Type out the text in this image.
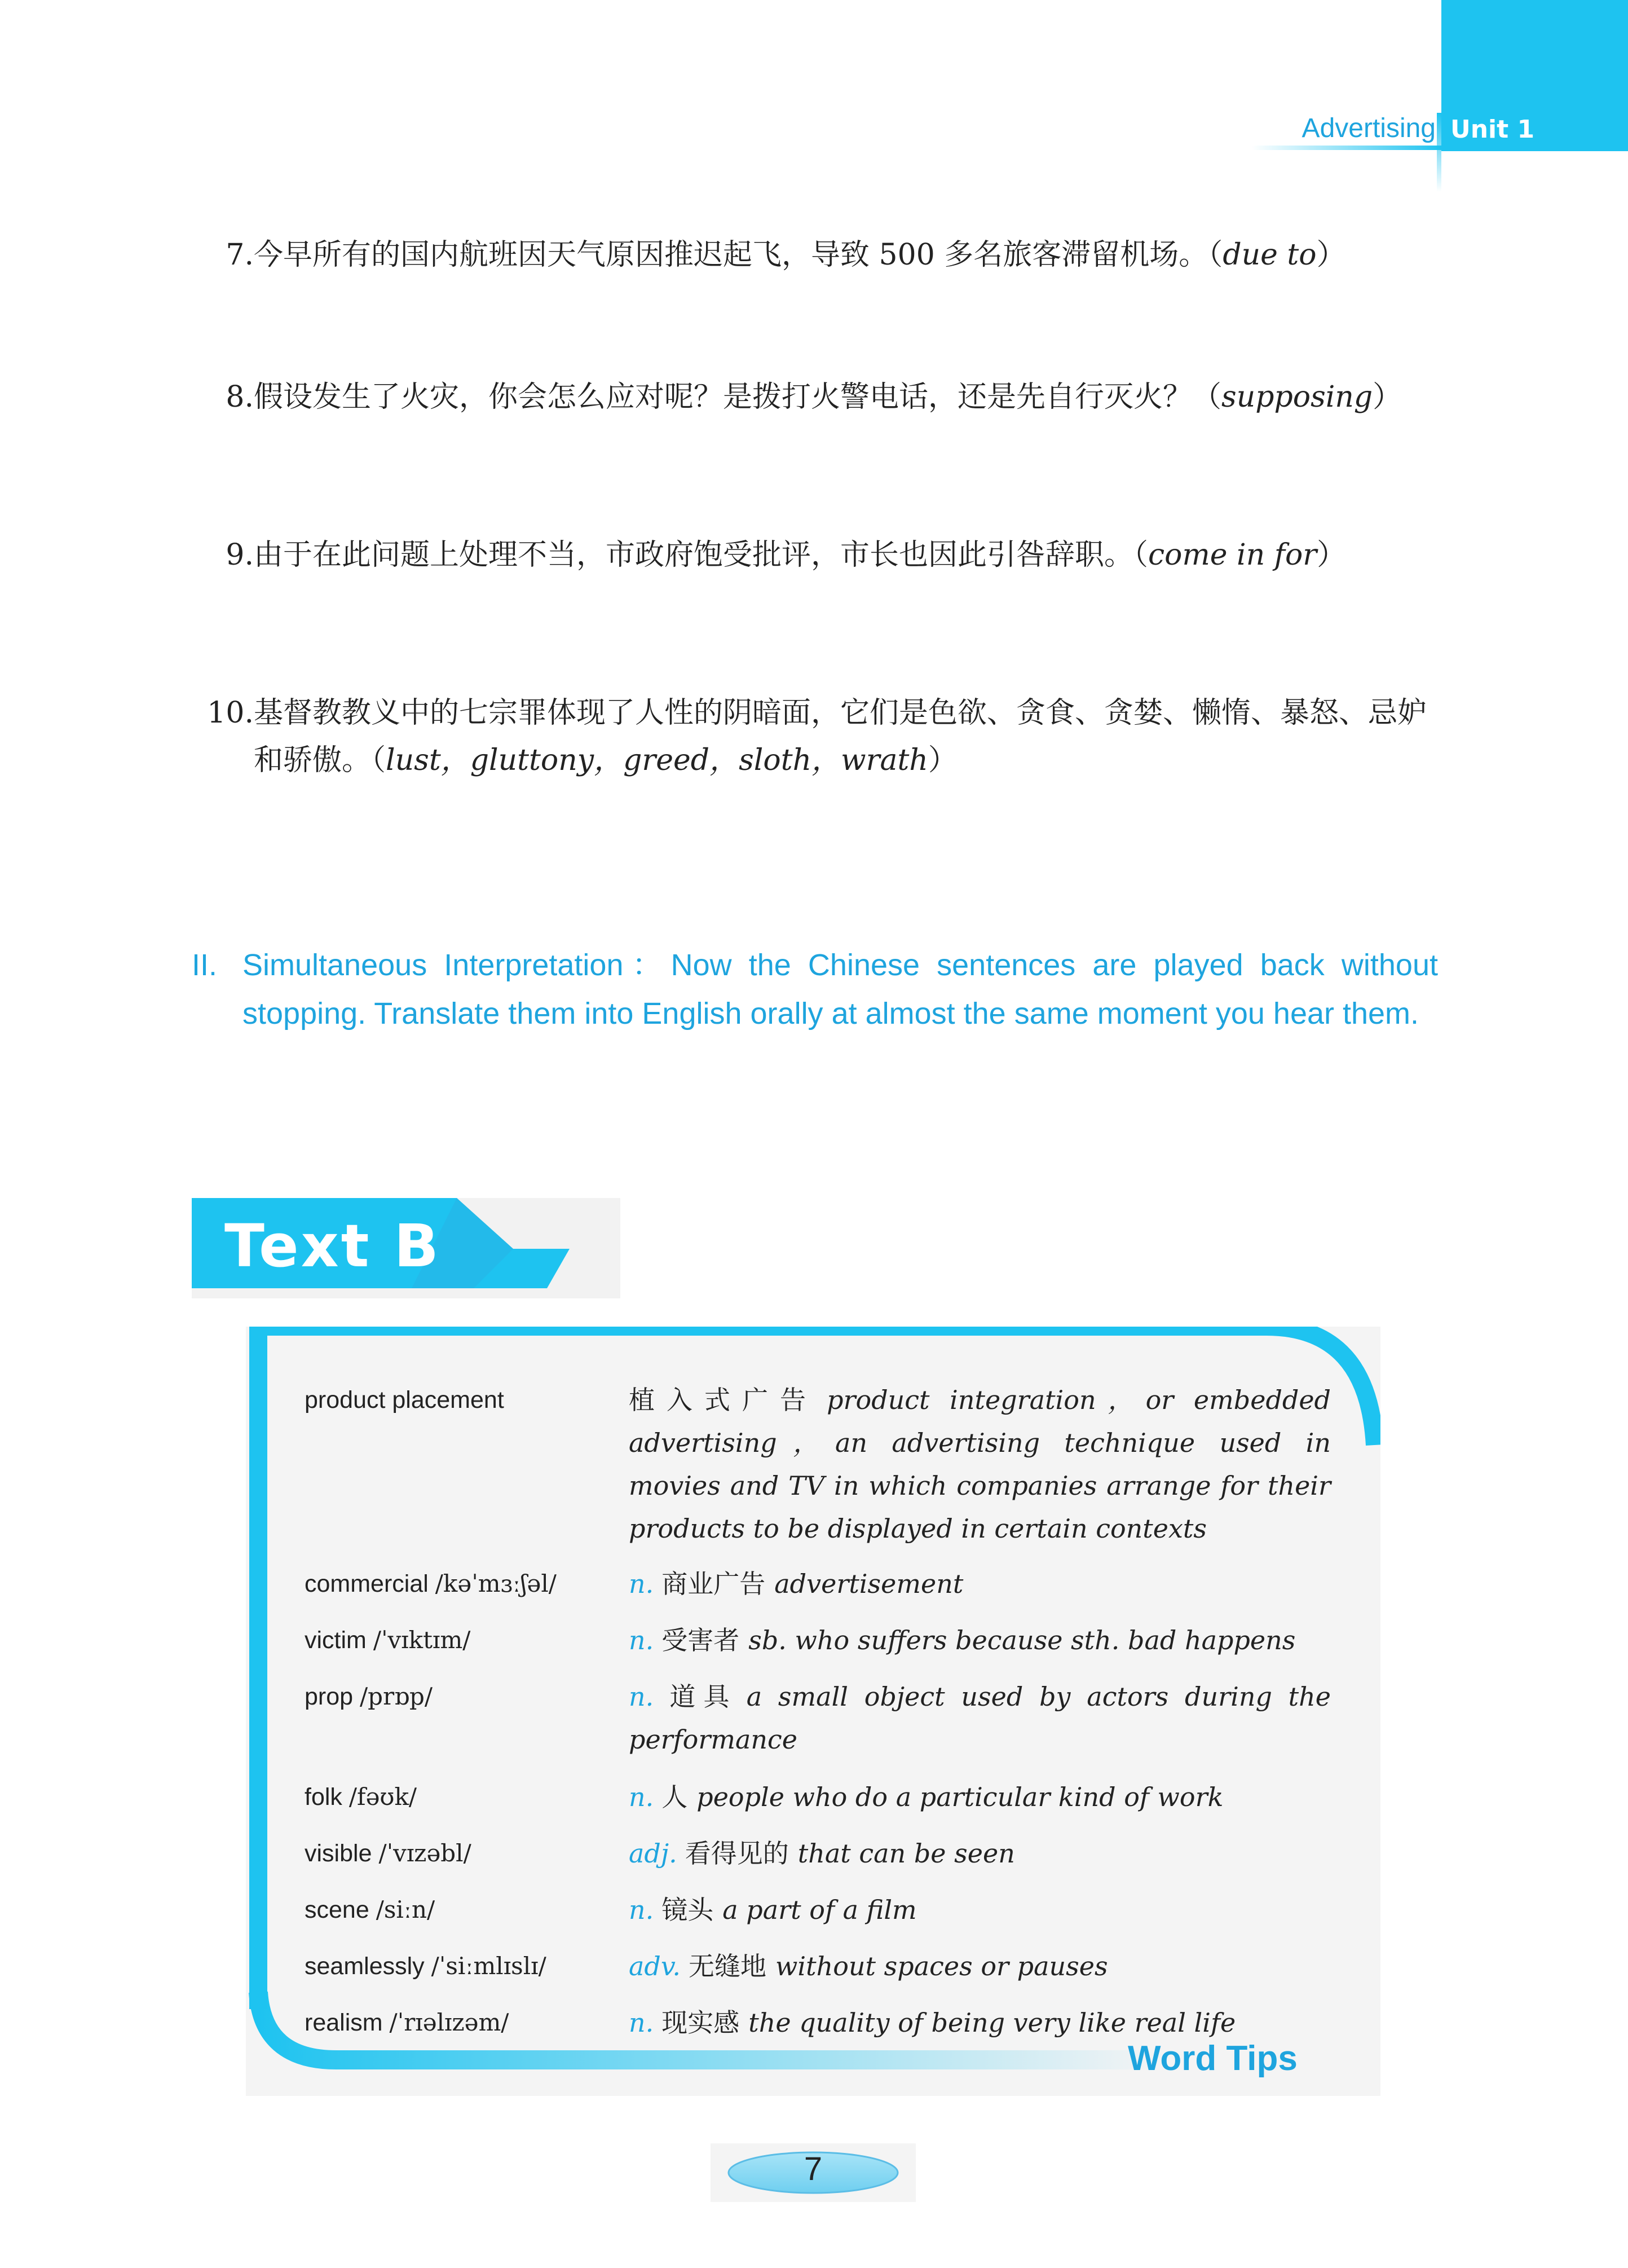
Advertising Unit 1
7. 今早所有的国内航班因天气原因推迟起飞，导致 500 多名旅客滞留机场。（due to）
8. 假设发生了火灾，你会怎么应对呢？是拨打火警电话，还是先自行灭火？（supposing）
9. 由于在此问题上处理不当，市政府饱受批评，市长也因此引咎辞职。（come in for）
10. 基督教教义中的七宗罪体现了人性的阴暗面，它们是色欲、贪食、贪婪、懒惰、暴怒、忌妒和骄傲。（lust，gluttony，greed，sloth，wrath）
II. Simultaneous Interpretation：Now the Chinese sentences are played back without stopping. Translate them into English orally at almost the same moment you hear them.
Text B
product placement	植入式广告 product integration，or embedded advertising，an advertising technique used in movies and TV in which companies arrange for their products to be displayed in certain contexts
commercial /kəˈmɜːʃəl/	n. 商业广告 advertisement
victim /ˈvɪktɪm/	n. 受害者 sb. who suffers because sth. bad happens
prop /prɒp/	n. 道具 a small object used by actors during the performance
folk /fəʊk/	n. 人 people who do a particular kind of work
visible /ˈvɪzəbl/	adj. 看得见的 that can be seen
scene /siːn/	n. 镜头 a part of a film
seamlessly /ˈsiːmlɪslɪ/	adv. 无缝地 without spaces or pauses
realism /ˈrɪəlɪzəm/	n. 现实感 the quality of being very like real life
Word Tips
7
